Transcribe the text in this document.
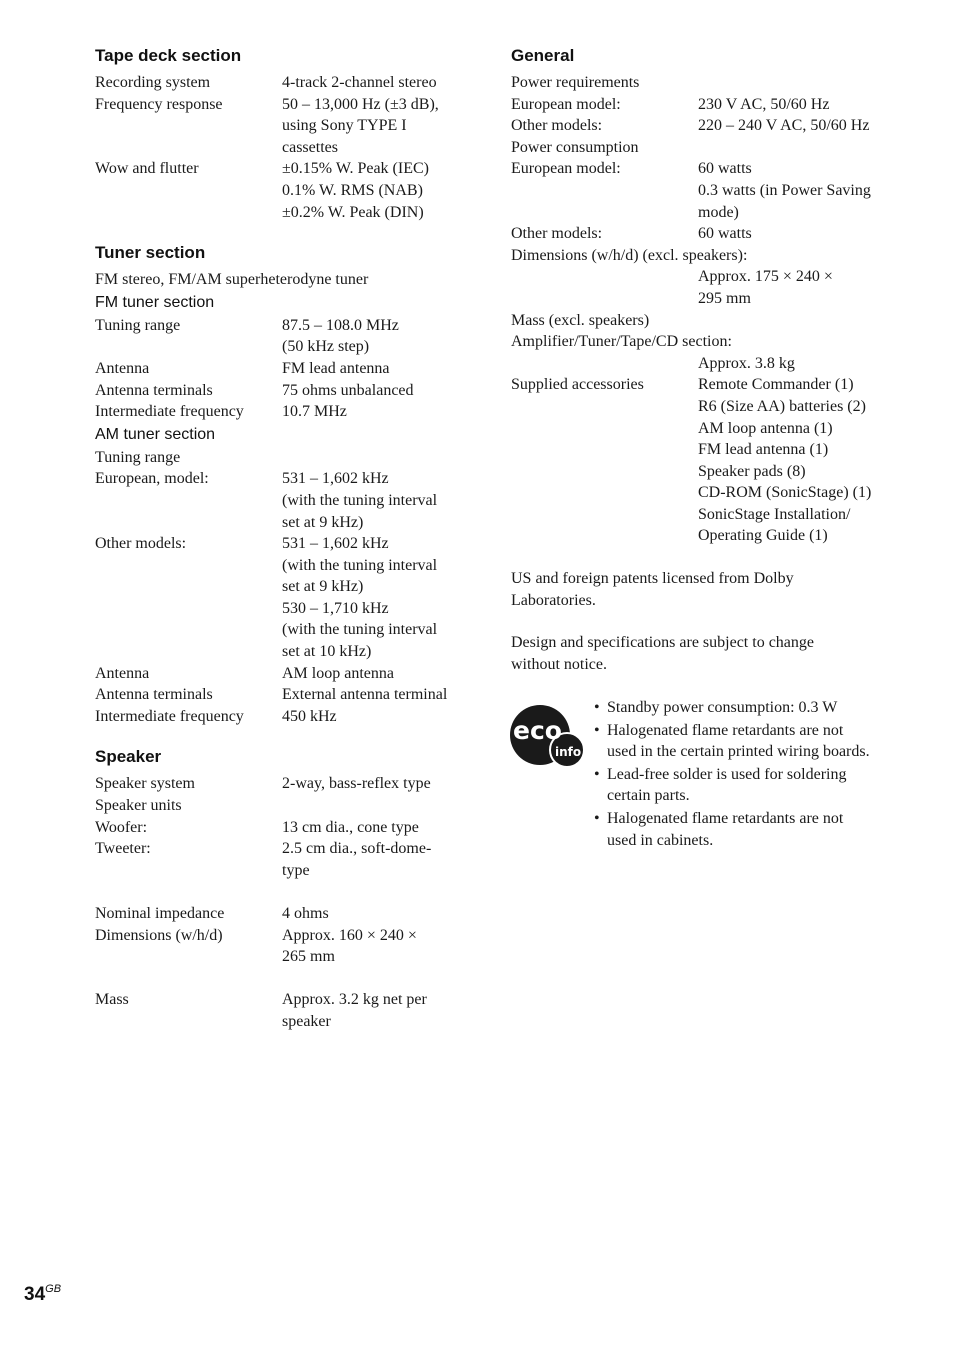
Tape deck section
Recording system	4-track 2-channel stereo
Frequency response	50 – 13,000 Hz (±3 dB),
using Sony TYPE I
cassettes
Wow and flutter	±0.15% W. Peak (IEC)
0.1% W. RMS (NAB)
±0.2% W. Peak (DIN)
Tuner section
FM stereo, FM/AM superheterodyne tuner
FM tuner section
Tuning range	87.5 – 108.0 MHz
(50 kHz step)
Antenna	FM lead antenna
Antenna terminals	75 ohms unbalanced
Intermediate frequency	10.7 MHz
AM tuner section
Tuning range

European, model:	531 – 1,602 kHz
(with the tuning interval
set at 9 kHz)
Other models:	531 – 1,602 kHz
(with the tuning interval
set at 9 kHz)
530 – 1,710 kHz
(with the tuning interval
set at 10 kHz)
Antenna	AM loop antenna
Antenna terminals	External antenna terminal
Intermediate frequency	450 kHz
Speaker
Speaker system	2-way, bass-reflex type
Speaker units

Woofer:	13 cm dia., cone type
Tweeter:	2.5 cm dia., soft-dome-
type

Nominal impedance	4 ohms
Dimensions (w/h/d)	Approx. 160 × 240 ×
265 mm

Mass	Approx. 3.2 kg net per
speaker
General
Power requirements
European model:	230 V AC, 50/60 Hz
Other models:	220 – 240 V AC, 50/60 Hz
Power consumption
European model:	60 watts
0.3 watts (in Power Saving
mode)
Other models:	60 watts
Dimensions (w/h/d) (excl. speakers):
Approx. 175 × 240 ×
295 mm
Mass (excl. speakers)
Amplifier/Tuner/Tape/CD section:
Approx. 3.8 kg
Supplied accessories	Remote Commander (1)
R6 (Size AA) batteries (2)
AM loop antenna (1)
FM lead antenna (1)
Speaker pads (8)
CD-ROM (SonicStage) (1)
SonicStage Installation/
Operating Guide (1)
US and foreign patents licensed from Dolby
Laboratories.
Design and specifications are subject to change
without notice.
eco
info
• Standby power consumption: 0.3 W
• Halogenated flame retardants are not
used in the certain printed wiring boards.
• Lead-free solder is used for soldering
certain parts.
• Halogenated flame retardants are not
used in cabinets.
$34^{GB}$
